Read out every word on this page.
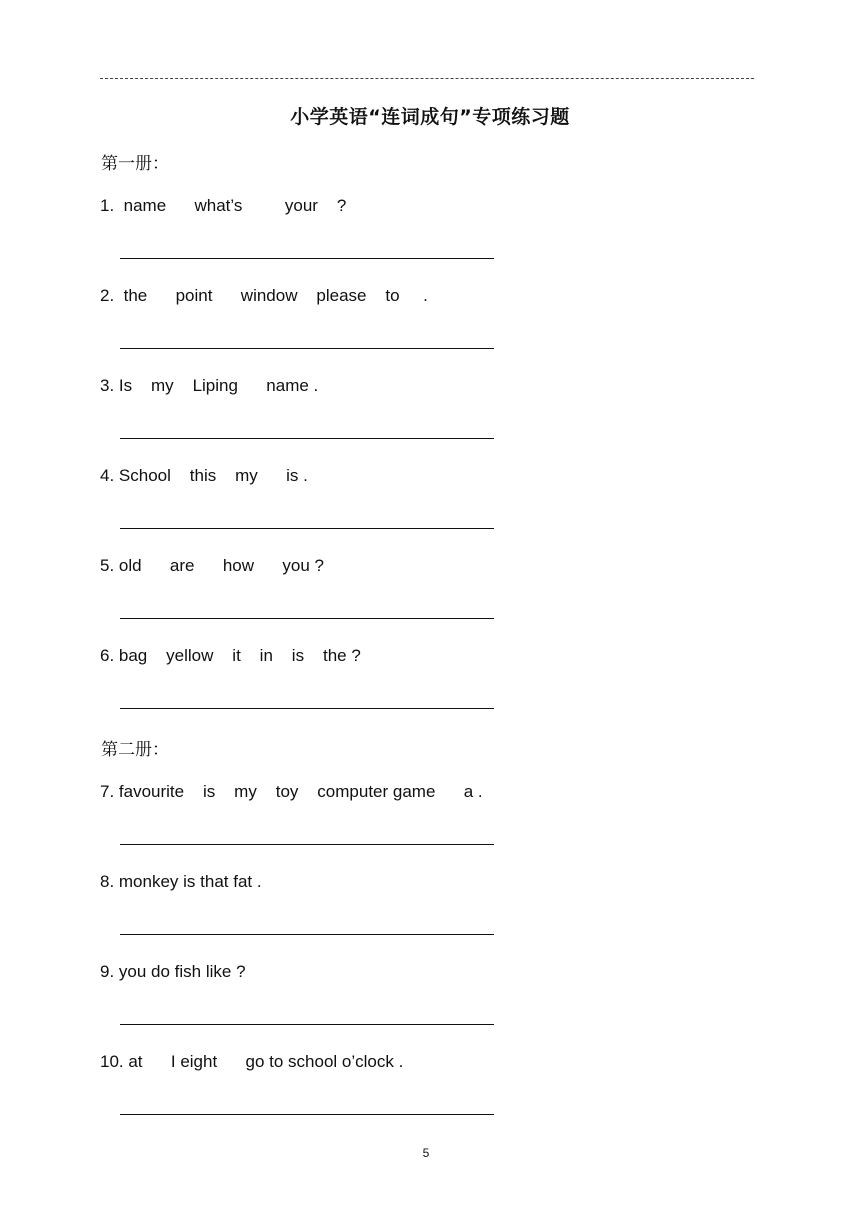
小学英语“连词成句”专项练习题
第一册：
1.  name      what’s         your    ?
2.  the      point      window    please    to     .
3. Is    my    Liping      name .
4. School    this    my      is .
5. old      are      how      you ?
6. bag    yellow    it    in    is    the ?
第二册：
7. favourite    is    my    toy    computer game      a .
8. monkey is that fat .
9. you do fish like ?
10. at      I eight      go to school o’clock .
5
